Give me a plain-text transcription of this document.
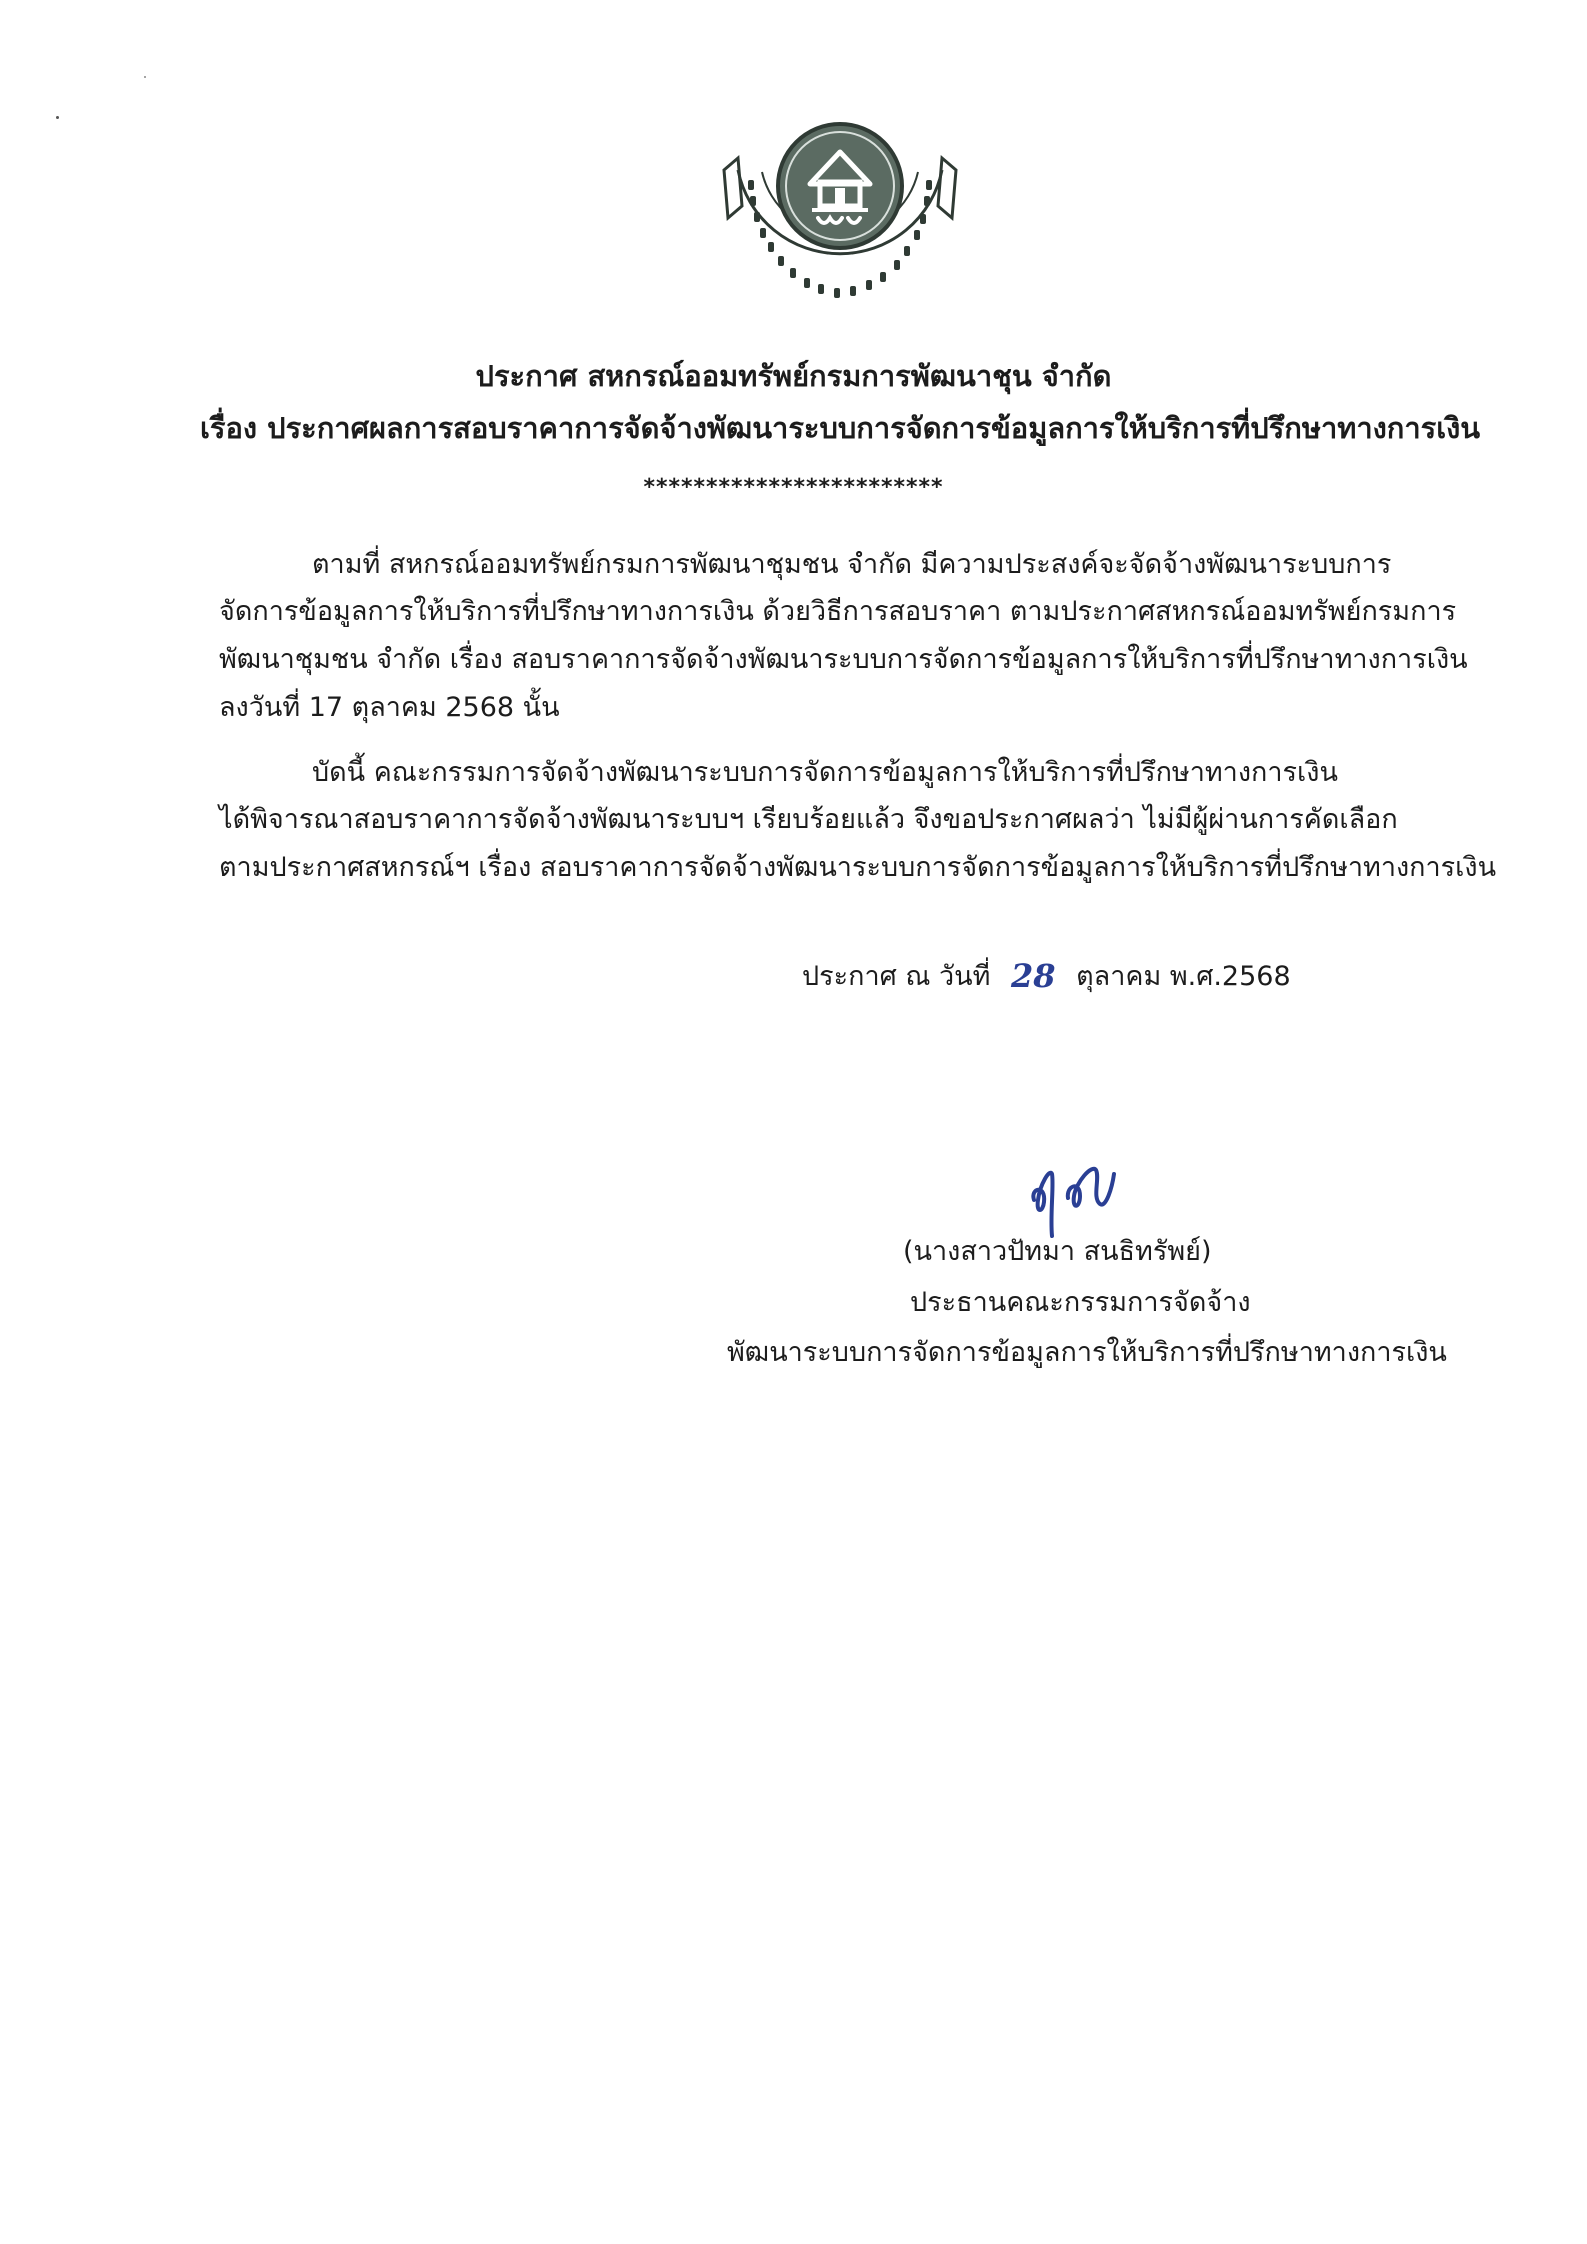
ประกาศ สหกรณ์ออมทรัพย์กรมการพัฒนาชุน จำกัด
เรื่อง ประกาศผลการสอบราคาการจัดจ้างพัฒนาระบบการจัดการข้อมูลการให้บริการที่ปรึกษาทางการเงิน
************************
ตามที่ สหกรณ์ออมทรัพย์กรมการพัฒนาชุมชน จำกัด มีความประสงค์จะจัดจ้างพัฒนาระบบการ
จัดการข้อมูลการให้บริการที่ปรึกษาทางการเงิน ด้วยวิธีการสอบราคา ตามประกาศสหกรณ์ออมทรัพย์กรมการ
พัฒนาชุมชน จำกัด เรื่อง สอบราคาการจัดจ้างพัฒนาระบบการจัดการข้อมูลการให้บริการที่ปรึกษาทางการเงิน
ลงวันที่ 17 ตุลาคม 2568 นั้น
บัดนี้ คณะกรรมการจัดจ้างพัฒนาระบบการจัดการข้อมูลการให้บริการที่ปรึกษาทางการเงิน
ได้พิจารณาสอบราคาการจัดจ้างพัฒนาระบบฯ เรียบร้อยแล้ว จึงขอประกาศผลว่า ไม่มีผู้ผ่านการคัดเลือก
ตามประกาศสหกรณ์ฯ เรื่อง สอบราคาการจัดจ้างพัฒนาระบบการจัดการข้อมูลการให้บริการที่ปรึกษาทางการเงิน
ประกาศ ณ วันที่ 28 ตุลาคม พ.ศ.2568
(นางสาวปัทมา สนธิทรัพย์)
ประธานคณะกรรมการจัดจ้าง
พัฒนาระบบการจัดการข้อมูลการให้บริการที่ปรึกษาทางการเงิน
